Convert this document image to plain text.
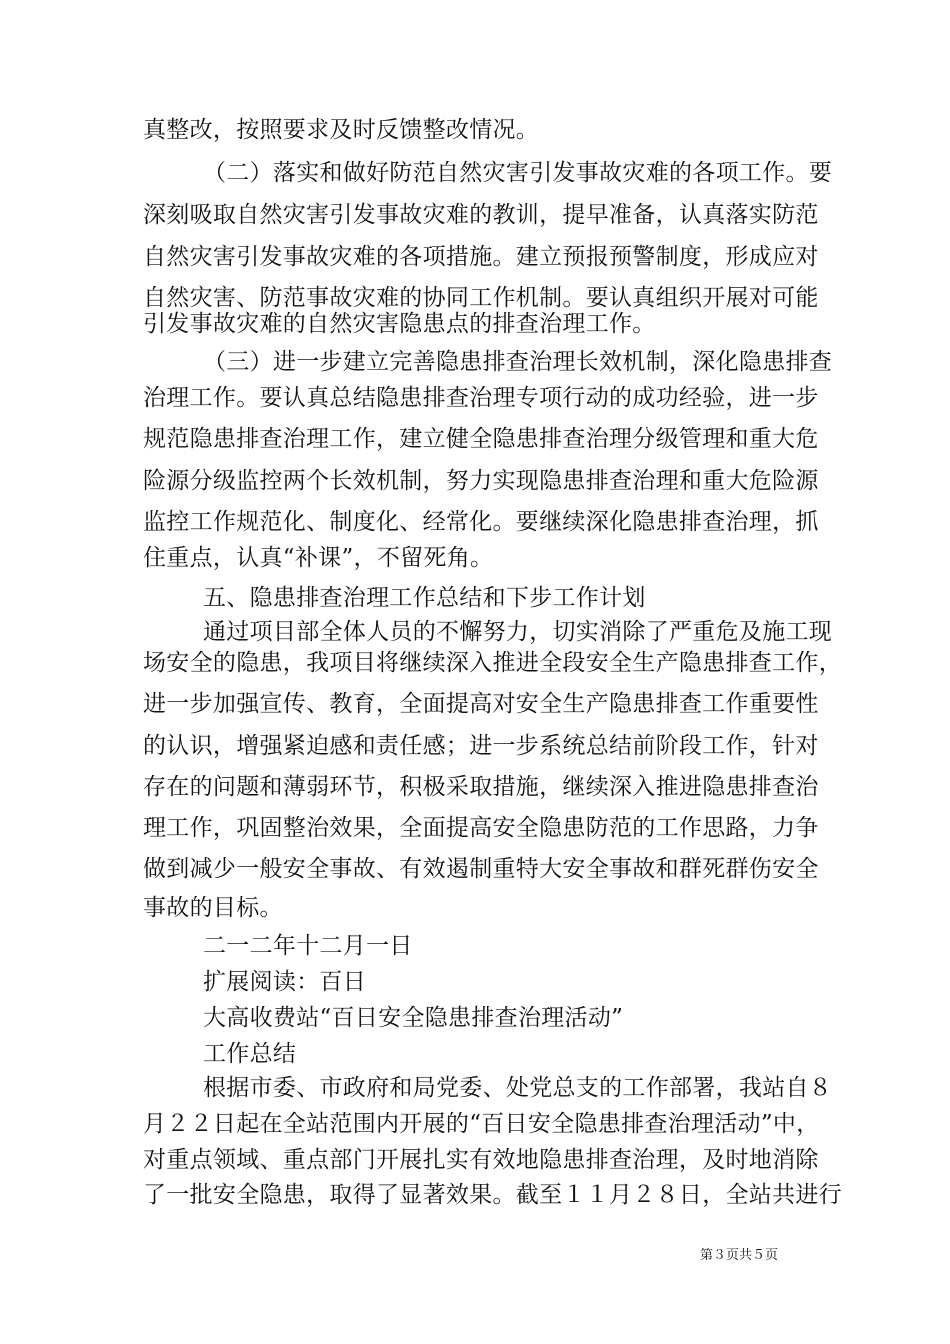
真整改，按照要求及时反馈整改情况。
（二）落实和做好防范自然灾害引发事故灾难的各项工作。要
深刻吸取自然灾害引发事故灾难的教训，提早准备，认真落实防范
自然灾害引发事故灾难的各项措施。建立预报预警制度，形成应对
自然灾害、防范事故灾难的协同工作机制。要认真组织开展对可能
引发事故灾难的自然灾害隐患点的排查治理工作。
（三）进一步建立完善隐患排查治理长效机制，深化隐患排查
治理工作。要认真总结隐患排查治理专项行动的成功经验，进一步
规范隐患排查治理工作，建立健全隐患排查治理分级管理和重大危
险源分级监控两个长效机制，努力实现隐患排查治理和重大危险源
监控工作规范化、制度化、经常化。要继续深化隐患排查治理，抓
住重点，认真“补课”，不留死角。
五、隐患排查治理工作总结和下步工作计划
通过项目部全体人员的不懈努力，切实消除了严重危及施工现
场安全的隐患，我项目将继续深入推进全段安全生产隐患排查工作，
进一步加强宣传、教育，全面提高对安全生产隐患排查工作重要性
的认识，增强紧迫感和责任感；进一步系统总结前阶段工作，针对
存在的问题和薄弱环节，积极采取措施，继续深入推进隐患排查治
理工作，巩固整治效果，全面提高安全隐患防范的工作思路，力争
做到减少一般安全事故、有效遏制重特大安全事故和群死群伤安全
事故的目标。
二一二年十二月一日
扩展阅读：百日
大高收费站“百日安全隐患排查治理活动”
工作总结
根据市委、市政府和局党委、处党总支的工作部署，我站自８
月２２日起在全站范围内开展的“百日安全隐患排查治理活动”中，
对重点领域、重点部门开展扎实有效地隐患排查治理，及时地消除
了一批安全隐患，取得了显著效果。截至１１月２８日，全站共进行
第３页共５页
